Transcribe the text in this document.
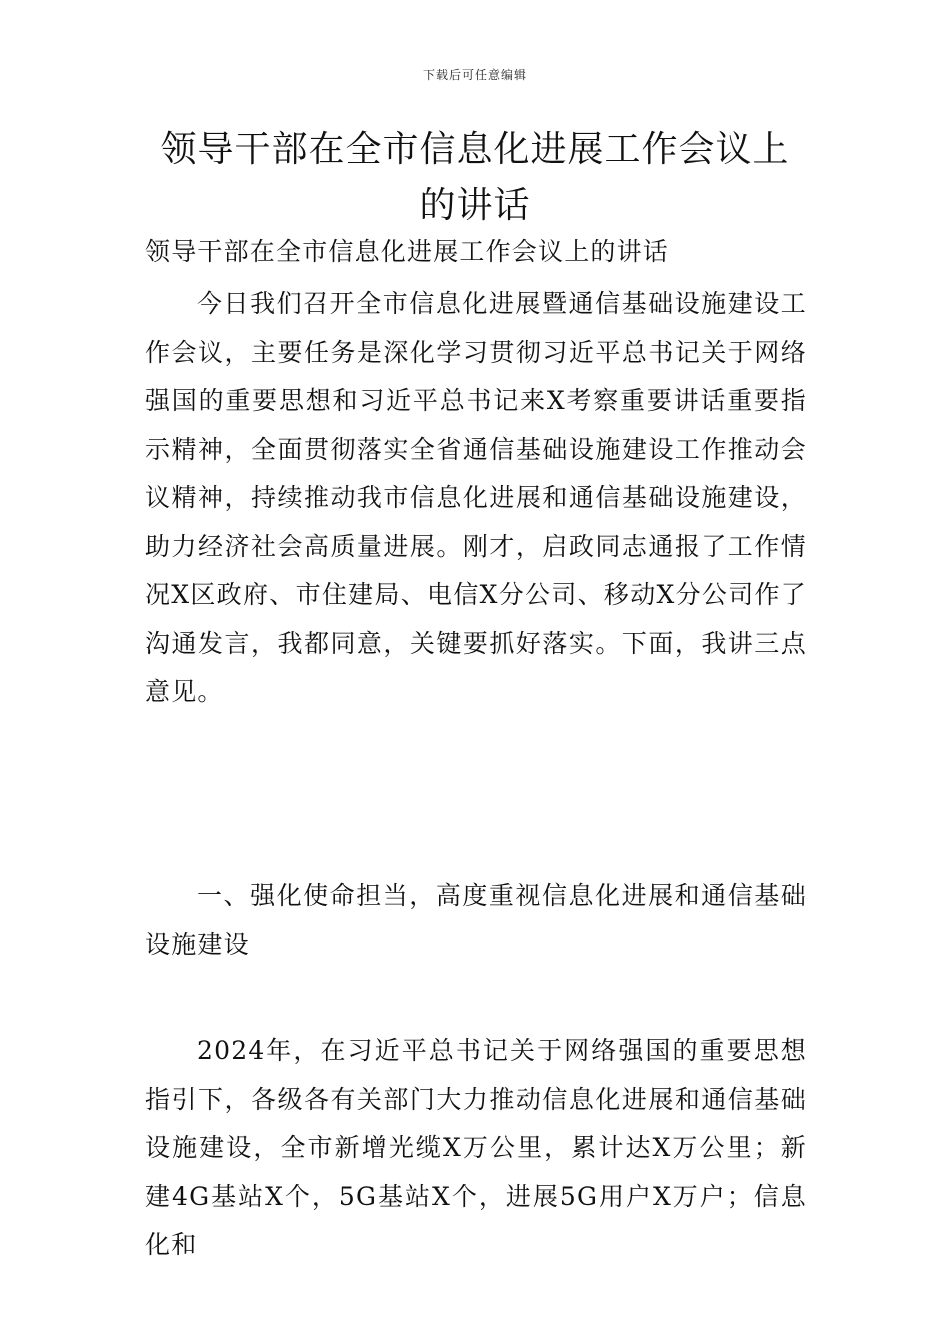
下载后可任意编辑
领导干部在全市信息化进展工作会议上的讲话
领导干部在全市信息化进展工作会议上的讲话
今日我们召开全市信息化进展暨通信基础设施建设工作会议，主要任务是深化学习贯彻习近平总书记关于网络强国的重要思想和习近平总书记来X考察重要讲话重要指示精神，全面贯彻落实全省通信基础设施建设工作推动会议精神，持续推动我市信息化进展和通信基础设施建设，助力经济社会高质量进展。刚才，启政同志通报了工作情况X区政府、市住建局、电信X分公司、移动X分公司作了沟通发言，我都同意，关键要抓好落实。下面，我讲三点意见。
一、强化使命担当，高度重视信息化进展和通信基础设施建设
2024年，在习近平总书记关于网络强国的重要思想指引下，各级各有关部门大力推动信息化进展和通信基础设施建设，全市新增光缆X万公里，累计达X万公里；新建4G基站X个，5G基站X个，进展5G用户X万户；信息化和
